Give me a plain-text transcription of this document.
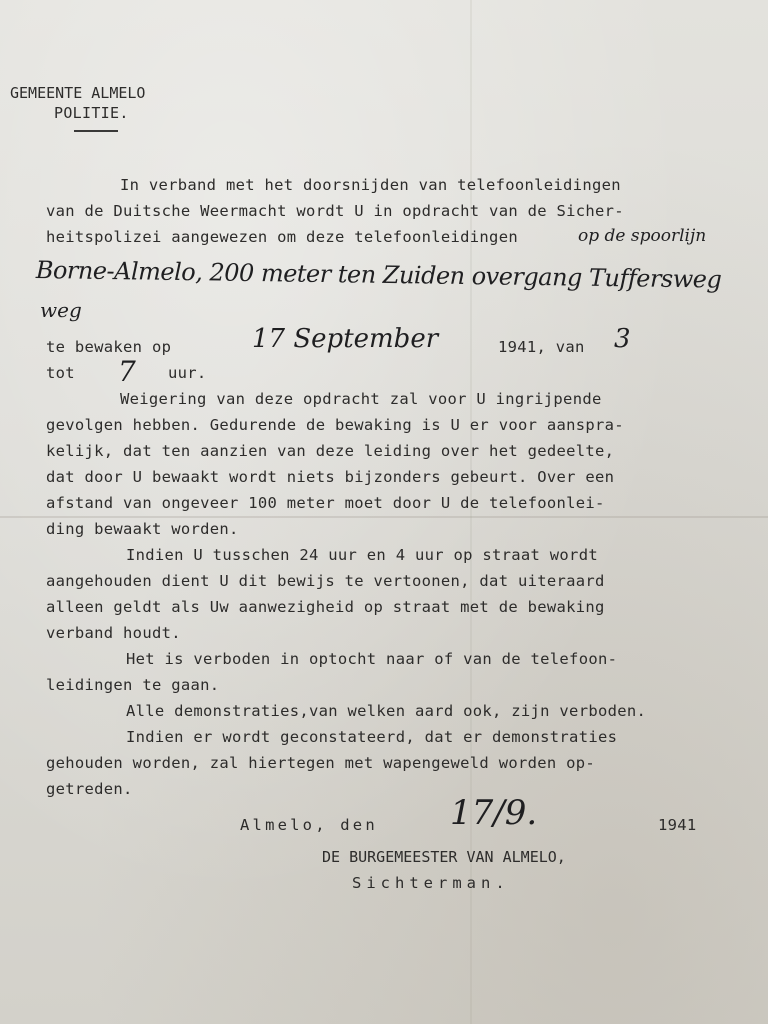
GEMEENTE ALMELO
POLITIE.
In verband met het doorsnijden van telefoonleidingen
van de Duitsche Weermacht wordt U in opdracht van de Sicher-
heitspolizei aangewezen om deze telefoonleidingen	op de spoorlijn
Borne-Almelo, 200 meter ten Zuiden overgang Tuffersweg
weg
te bewaken op	17 September	1941, van 3
tot 7 uur.
Weigering van deze opdracht zal voor U ingrijpende
gevolgen hebben. Gedurende de bewaking is U er voor aanspra-
kelijk, dat ten aanzien van deze leiding over het gedeelte,
dat door U bewaakt wordt niets bijzonders gebeurt. Over een
afstand van ongeveer 100 meter moet door U de telefoonlei-
ding bewaakt worden.
Indien U tusschen 24 uur en 4 uur op straat wordt
aangehouden dient U dit bewijs te vertoonen, dat uiteraard
alleen geldt als Uw aanwezigheid op straat met de bewaking
verband houdt.
Het is verboden in optocht naar of van de telefoon-
leidingen te gaan.
Alle demonstraties,van welken aard ook, zijn verboden.
Indien er wordt geconstateerd, dat er demonstraties
gehouden worden, zal hiertegen met wapengeweld worden op-
getreden.
Almelo, den 17/9.	1941
DE BURGEMEESTER VAN ALMELO,
Sichterman.
